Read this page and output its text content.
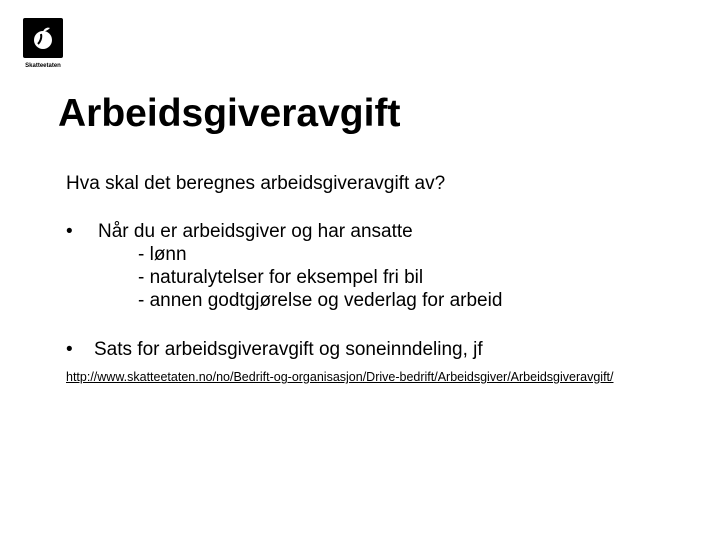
Skatteetaten
Arbeidsgiveravgift

Hva skal det beregnes arbeidsgiveravgift av?

•	Når du er arbeidsgiver og har ansatte
- lønn
- naturalytelser for eksempel fri bil
- annen godtgjørelse og vederlag for arbeid
•	Sats for arbeidsgiveravgift og soneinndeling, jf
http://www.skatteetaten.no/no/Bedrift-og-organisasjon/Drive-bedrift/Arbeidsgiver/Arbeidsgiveravgift/
